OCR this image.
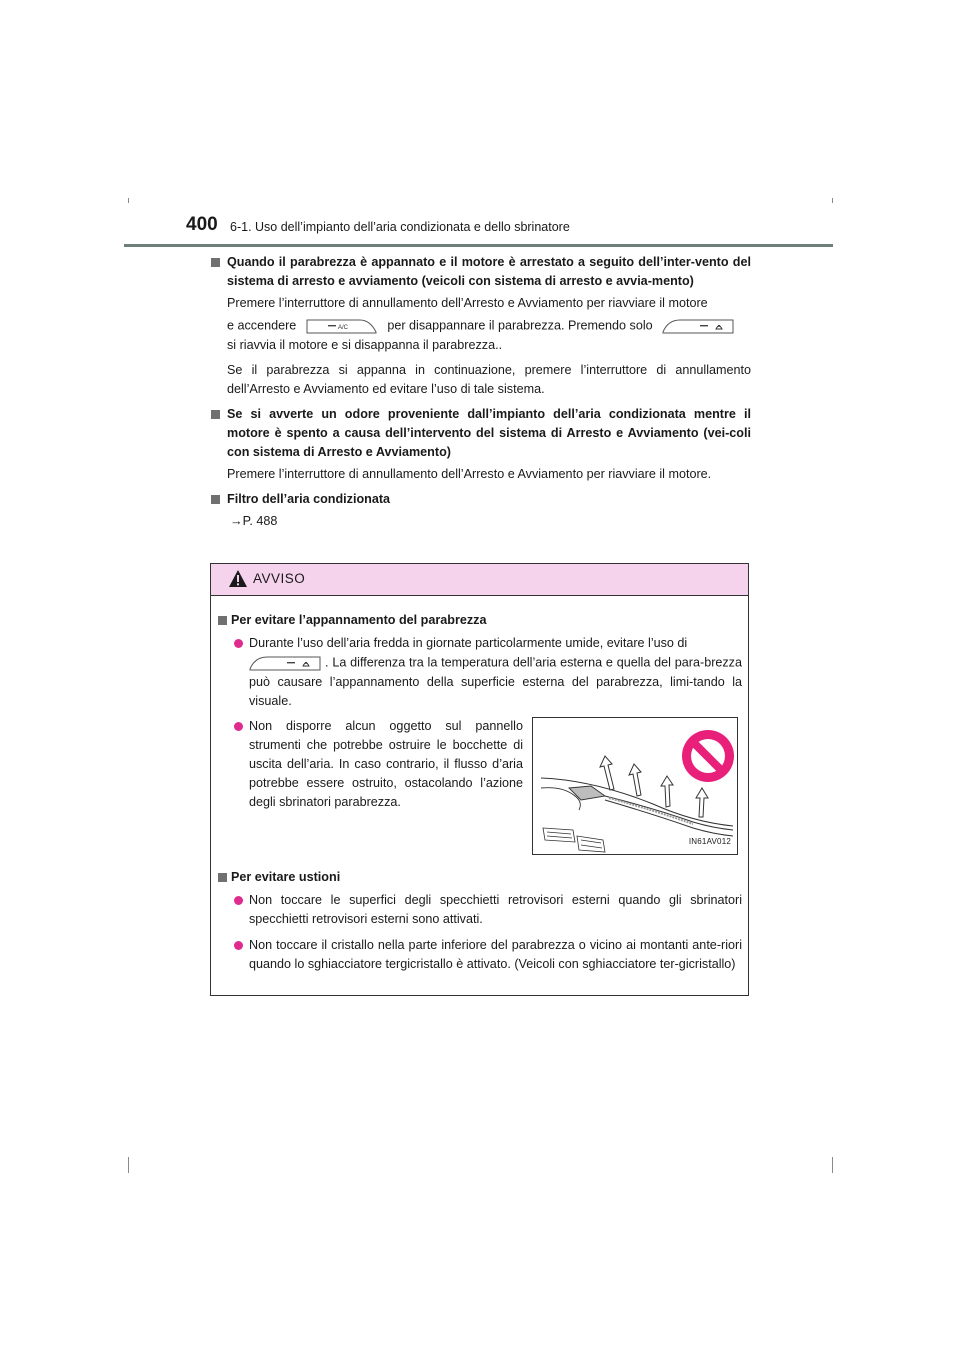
400 6-1. Uso dell’impianto dell’aria condizionata e dello sbrinatore
Quando il parabrezza è appannato e il motore è arrestato a seguito dell’inter-vento del sistema di arresto e avviamento (veicoli con sistema di arresto e avvia-mento)
Premere l’interruttore di annullamento dell’Arresto e Avviamento per riavviare il motore
e accendere	A/C	per disappannare il parabrezza. Premendo solo
si riavvia il motore e si disappanna il parabrezza..
Se il parabrezza si appanna in continuazione, premere l’interruttore di annullamento dell’Arresto e Avviamento ed evitare l’uso di tale sistema.
Se si avverte un odore proveniente dall’impianto dell’aria condizionata mentre il motore è spento a causa dell’intervento del sistema di Arresto e Avviamento (vei-coli con sistema di Arresto e Avviamento)
Premere l’interruttore di annullamento dell’Arresto e Avviamento per riavviare il motore.
Filtro dell’aria condizionata
→P. 488
AVVISO
Per evitare l’appannamento del parabrezza
Durante l’uso dell’aria fredda in giornate particolarmente umide, evitare l’uso di

. La differenza tra la temperatura dell’aria esterna e quella del para-brezza può causare l’appannamento della superficie esterna del parabrezza, limi-tando la visuale.
Non disporre alcun oggetto sul pannello strumenti che potrebbe ostruire le bocchette di uscita dell’aria. In caso contrario, il flusso d’aria potrebbe essere ostruito, ostacolando l’azione degli sbrinatori parabrezza.
IN61AV012
Per evitare ustioni
Non toccare le superfici degli specchietti retrovisori esterni quando gli sbrinatori specchietti retrovisori esterni sono attivati.
Non toccare il cristallo nella parte inferiore del parabrezza o vicino ai montanti ante-riori quando lo sghiacciatore tergicristallo è attivato. (Veicoli con sghiacciatore ter-gicristallo)
